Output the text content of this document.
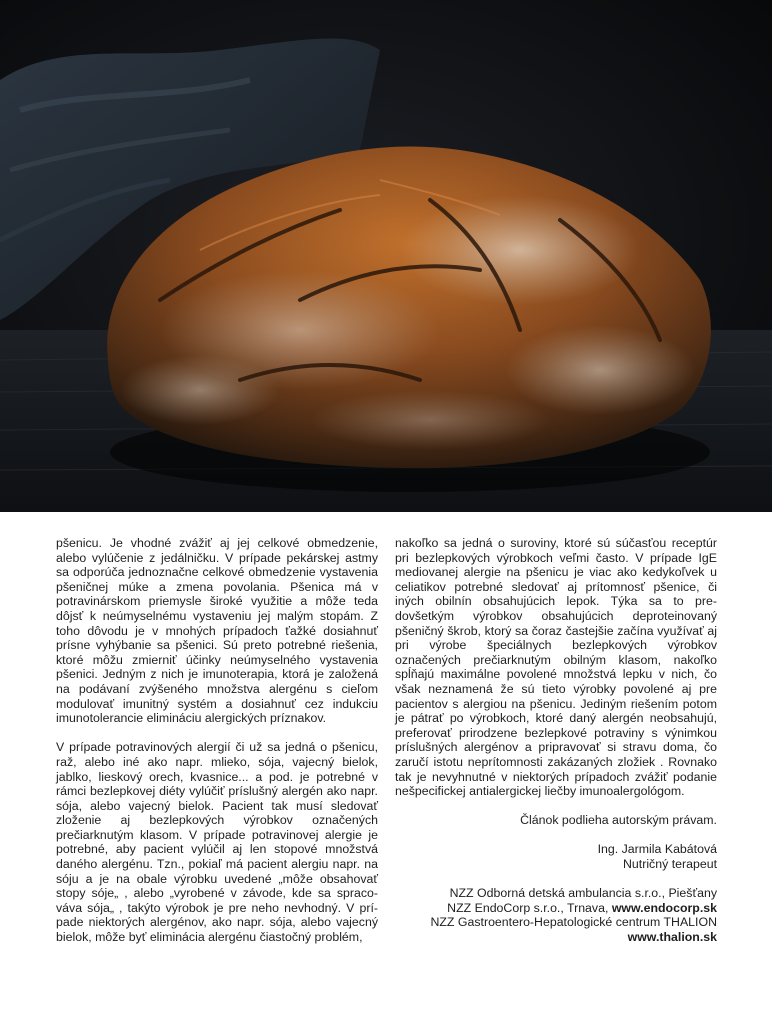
pšenicu. Je vhodné zvážiť aj jej celkové obmedzenie, alebo vylúčenie z jedálničku. V prípade pekárskej astmy sa odporúča jednoznačne celkové obmedzenie vystavenia pšeničnej múke a zmena povolania. Pšenica má v potravinárskom priemysle široké využitie a môže teda dôjsť k neúmyselnému vystaveniu jej malým stopám. Z toho dôvodu je v mnohých prípadoch ťažké dosiahnuť prísne vyhýbanie sa pšenici. Sú preto potrebné riešenia, ktoré môžu zmierniť účinky neúmyselného vystavenia pšenici. Jedným z nich je imunoterapia, ktorá je založená na podávaní zvýšeného množstva alergénu s cieľom modulovať imunitný systém a dosiahnuť cez indukciu imunotolerancie elimináciu alergických príznakov.

V prípade potravinových alergií či už sa jedná o pšenicu, raž, alebo iné ako napr. mlieko, sója, vajecný bielok, jablko, lieskový orech, kvasnice... a pod. je potrebné v rámci bezlepkovej diéty vylúčiť príslušný alergén ako napr. sója, alebo vajecný bielok. Pacient tak musí sledovať zloženie aj bezlepkových výrobkov označených prečiarknutým klasom. V prípade potravinovej alergie je potrebné, aby pacient vylúčil aj len stopové množstvá daného alergénu. Tzn., pokiaľ má pacient alergiu napr. na sóju a je na obale výrobku uvedené „môže obsahovať stopy sóje„ , alebo „vyrobené v závode, kde sa spraco- váva sója„ , takýto výrobok je pre neho nevhodný. V prí- pade niektorých alergénov, ako napr. sója, alebo vajecný bielok, môže byť eliminácia alergénu čiastočný problém,

nakoľko sa jedná o suroviny, ktoré sú súčasťou receptúr pri bezlepkových výrobkoch veľmi často. V prípade IgE mediovanej alergie na pšenicu je viac ako kedykoľvek u celiatikov potrebné sledovať aj prítomnosť pšenice, či iných obilnín obsahujúcich lepok. Týka sa to pre- dovšetkým výrobkov obsahujúcich deproteinovaný pšeničný škrob, ktorý sa čoraz častejšie začína využívať aj pri výrobe špeciálnych bezlepkových výrobkov označených prečiarknutým obilným klasom, nakoľko spĺňajú maximálne povolené množstvá lepku v nich, čo však neznamená že sú tieto výrobky povolené aj pre pacientov s alergiou na pšenicu. Jediným riešením potom je pátrať po výrobkoch, ktoré daný alergén neobsahujú, preferovať prirodzene bezlepkové potraviny s výnimkou príslušných alergénov a pripravovať si stravu doma, čo zaručí istotu neprítomnosti zakázaných zložiek . Rovnako tak je nevyhnutné v niektorých prípadoch zvážiť podanie nešpecifickej antialergickej liečby imunoalergológom.

Článok podlieha autorským právam.
Ing. Jarmila Kabátová
Nutričný terapeut
NZZ Odborná detská ambulancia s.r.o., Piešťany
NZZ EndoCorp s.r.o., Trnava, www.endocorp.sk
NZZ Gastroentero-Hepatologické centrum THALION
www.thalion.sk
